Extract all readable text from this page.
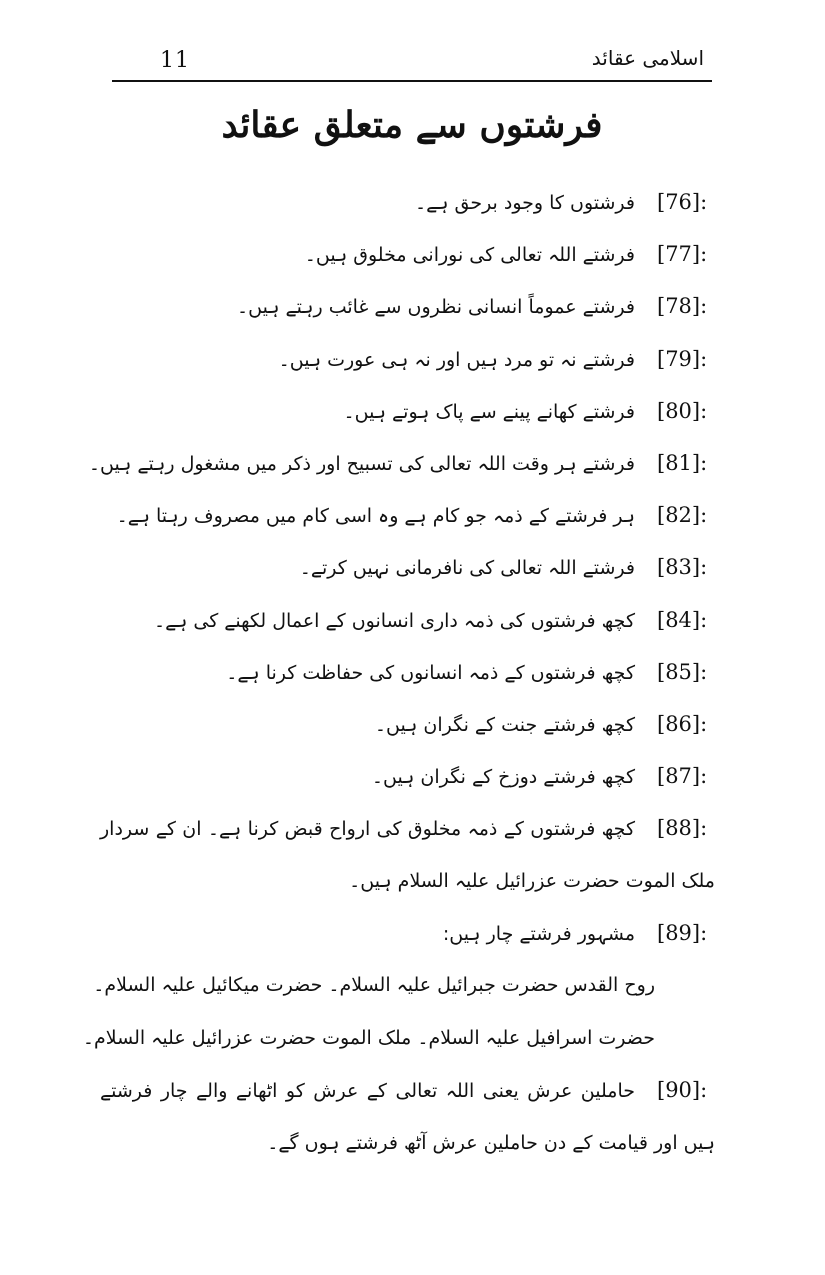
11	اسلامی عقائد
فرشتوں سے متعلق عقائد
[76]:
فرشتوں کا وجود برحق ہے۔
[77]:
فرشتے اللہ تعالی کی نورانی مخلوق ہیں۔
[78]:
فرشتے عموماً انسانی نظروں سے غائب رہتے ہیں۔
[79]:
فرشتے نہ تو مرد ہیں اور نہ ہی عورت ہیں۔
[80]:
فرشتے کھانے پینے سے پاک ہوتے ہیں۔
[81]:
فرشتے ہر وقت اللہ تعالی کی تسبیح اور ذکر میں مشغول رہتے ہیں۔
[82]:
ہر فرشتے کے ذمہ جو کام ہے وہ اسی کام میں مصروف رہتا ہے۔
[83]:
فرشتے اللہ تعالی کی نافرمانی نہیں کرتے۔
[84]:
کچھ فرشتوں کی ذمہ داری انسانوں کے اعمال لکھنے کی ہے۔
[85]:
کچھ فرشتوں کے ذمہ انسانوں کی حفاظت کرنا ہے۔
[86]:
کچھ فرشتے جنت کے نگران ہیں۔
[87]:
کچھ فرشتے دوزخ کے نگران ہیں۔
[88]:کچھ فرشتوں کے ذمہ مخلوق کی ارواح قبض کرنا ہے۔ ان کے سردار ملک الموت حضرت عزرائیل علیہ السلام ہیں۔
[89]:
مشہور فرشتے چار ہیں:
روح القدس حضرت جبرائیل علیہ السلام۔ حضرت میکائیل علیہ السلام۔
حضرت اسرافیل علیہ السلام۔ ملک الموت حضرت عزرائیل علیہ السلام۔
[90]:حاملین عرش یعنی اللہ تعالی کے عرش کو اٹھانے والے چار فرشتے ہیں اور قیامت کے دن حاملین عرش آٹھ فرشتے ہوں گے۔
